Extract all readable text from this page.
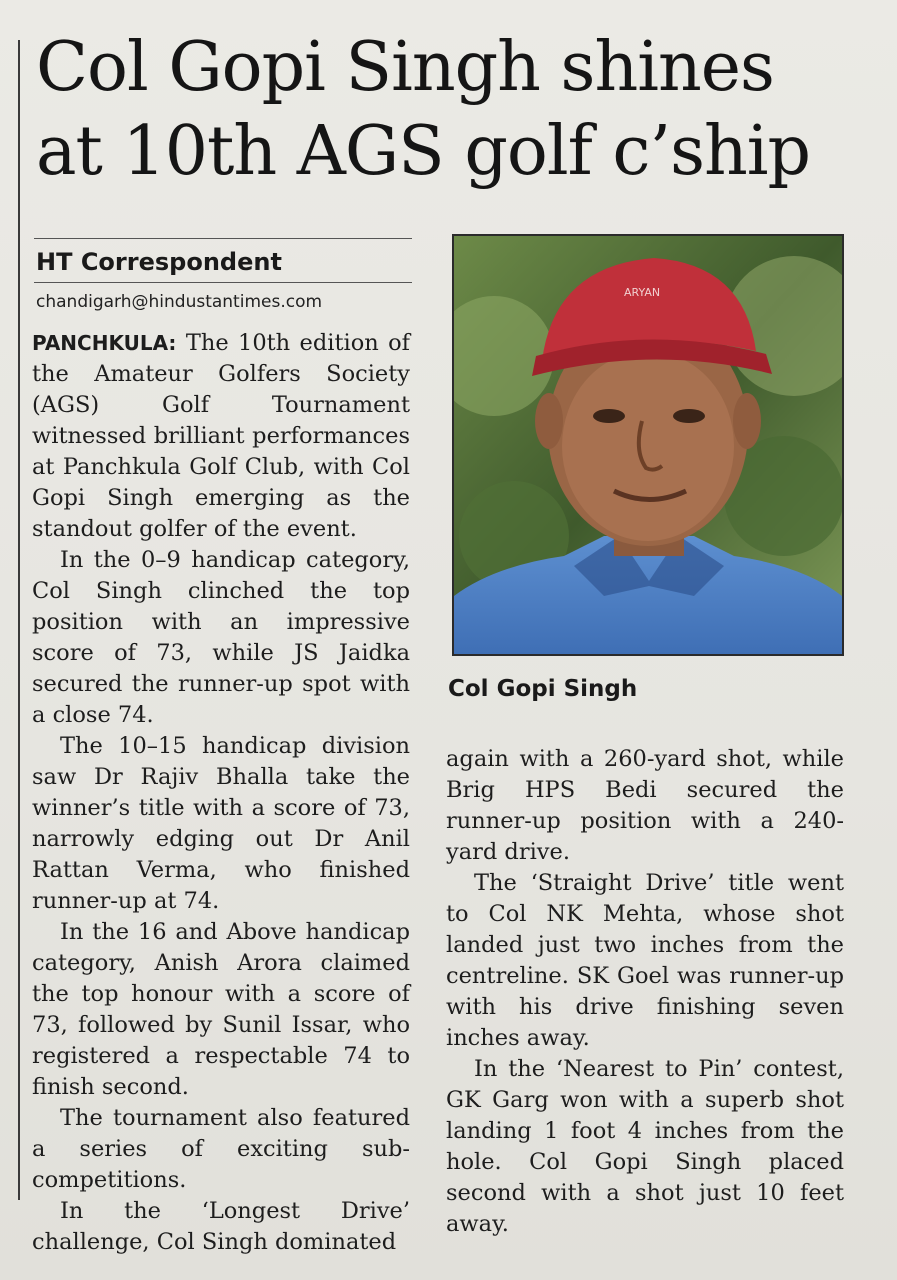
Col Gopi Singh shines
at 10th AGS golf c’ship
HT Correspondent
chandigarh@hindustantimes.com

PANCHKULA: The 10th edition of the Amateur Golfers Society (AGS) Golf Tournament witnessed brilliant performances at Panchkula Golf Club, with Col Gopi Singh emerging as the standout golfer of the event.

In the 0–9 handicap category, Col Singh clinched the top position with an impressive score of 73, while JS Jaidka secured the runner-up spot with a close 74.

The 10–15 handicap division saw Dr Rajiv Bhalla take the winner’s title with a score of 73, narrowly edging out Dr Anil Rattan Verma, who finished runner-up at 74.

In the 16 and Above handicap category, Anish Arora claimed the top honour with a score of 73, followed by Sunil Issar, who registered a respectable 74 to finish second.

The tournament also featured a series of exciting sub-competitions.

In the ‘Longest Drive’ challenge, Col Singh dominated

ARYAN
Col Gopi Singh

again with a 260-yard shot, while Brig HPS Bedi secured the runner-up position with a 240-yard drive.

The ‘Straight Drive’ title went to Col NK Mehta, whose shot landed just two inches from the centreline. SK Goel was runner-up with his drive finishing seven inches away.

In the ‘Nearest to Pin’ contest, GK Garg won with a superb shot landing 1 foot 4 inches from the hole. Col Gopi Singh placed second with a shot just 10 feet away.
